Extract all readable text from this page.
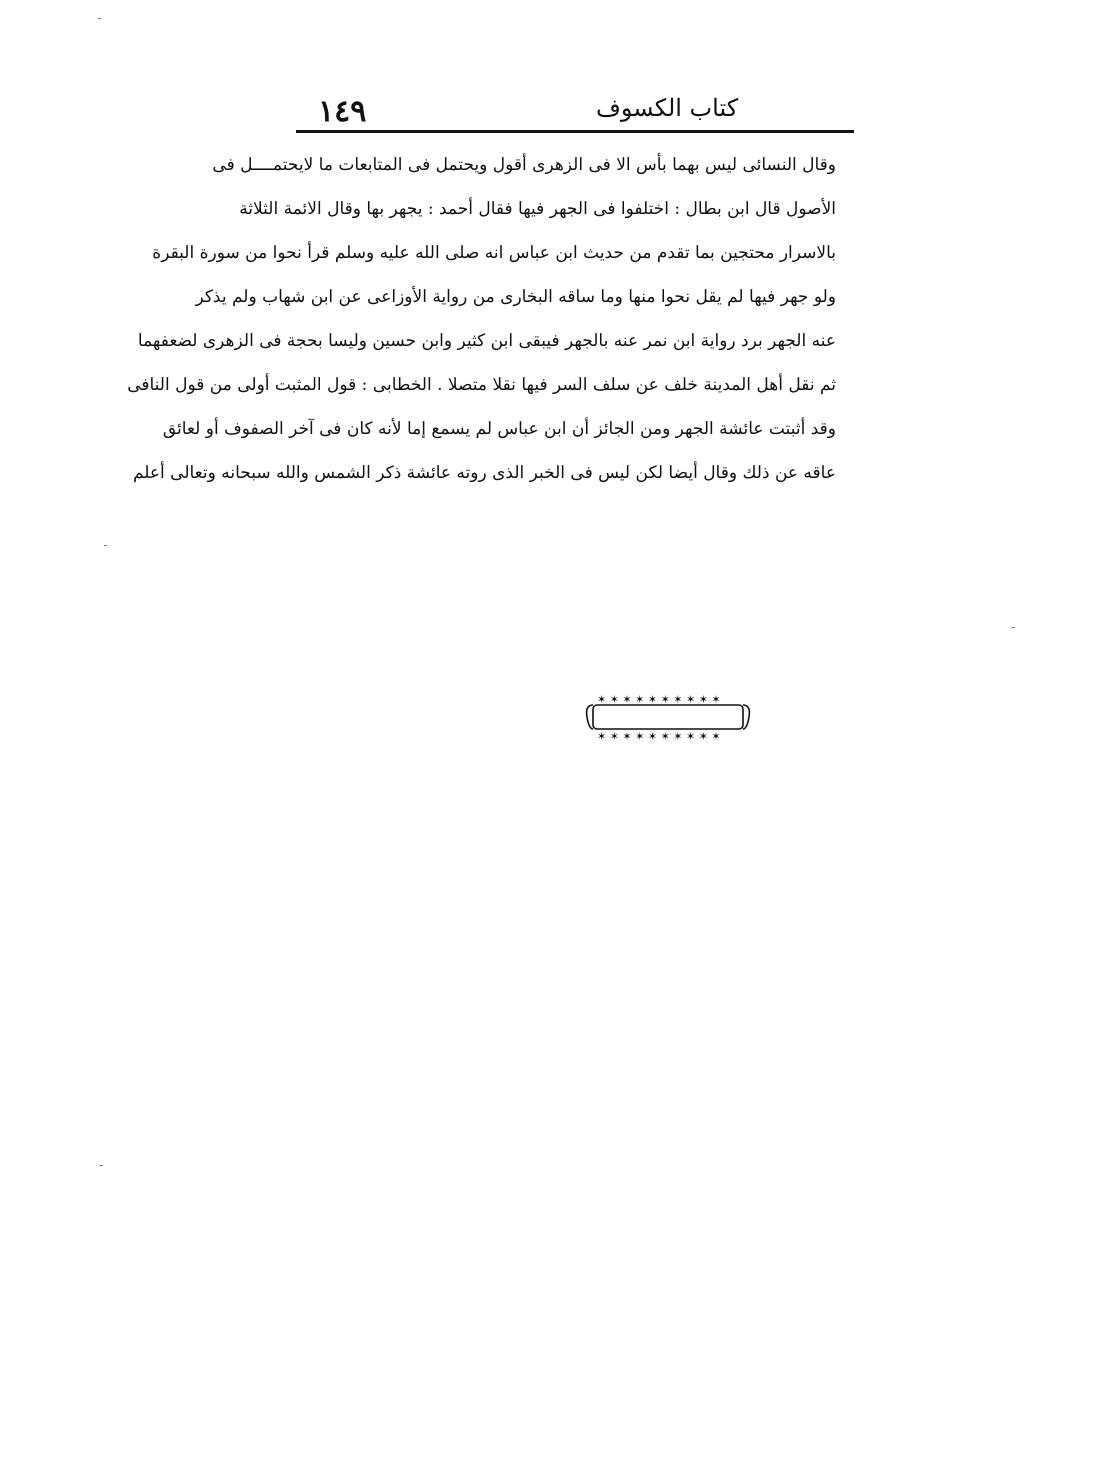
١٤٩	كتاب الكسوف
وقال النسائى ليس بهما بأس الا فى الزهرى أقول ويحتمل فى المتابعات ما لايحتمــــل فى
الأصول قال ابن بطال : اختلفوا فى الجهر فيها فقال أحمد : يجهر بها وقال الائمة الثلاثة
بالاسرار محتجين بما تقدم من حديث ابن عباس انه صلى الله عليه وسلم قرأ نحوا من سورة البقرة
ولو جهر فيها لم يقل نحوا منها وما ساقه البخارى من رواية الأوزاعى عن ابن شهاب ولم يذكر
عنه الجهر برد رواية ابن نمر عنه بالجهر فيبقى ابن كثير وابن حسين وليسا بحجة فى الزهرى لضعفهما
ثم نقل أهل المدينة خلف عن سلف السر فيها نقلا متصلا . الخطابى : قول المثبت أولى من قول النافى
وقد أثبتت عائشة الجهر ومن الجائز أن ابن عباس لم يسمع إما لأنه كان فى آخر الصفوف أو لعائق
عاقه عن ذلك وقال أيضا لكن ليس فى الخبر الذى روته عائشة ذكر الشمس والله سبحانه وتعالى أعلم
✶ ✶ ✶ ✶ ✶ ✶ ✶ ✶ ✶ ✶
✶ ✶ ✶ ✶ ✶ ✶ ✶ ✶ ✶ ✶
